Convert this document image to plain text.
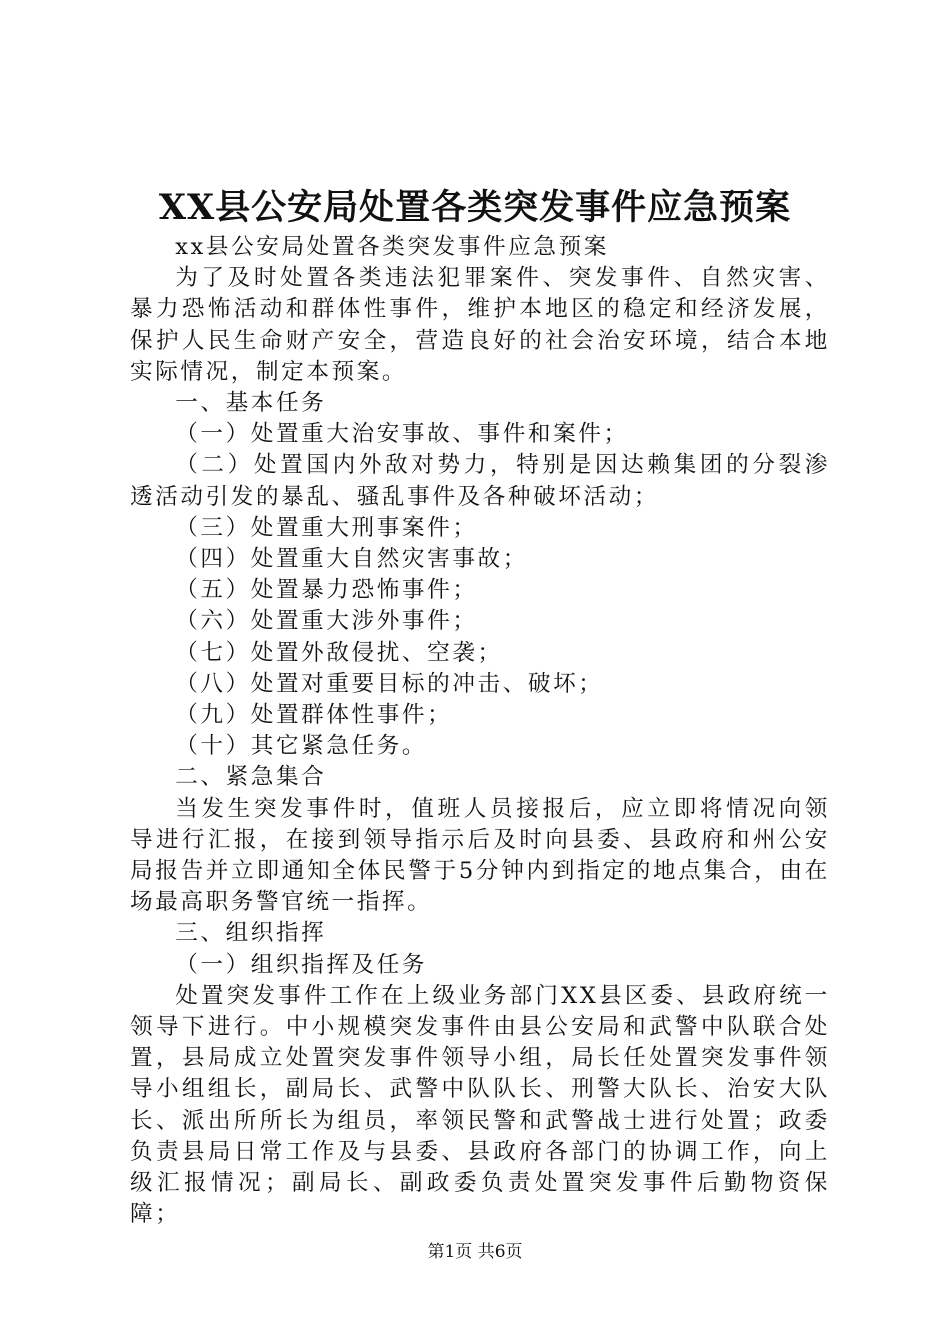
XX县公安局处置各类突发事件应急预案

xx县公安局处置各类突发事件应急预案

为了及时处置各类违法犯罪案件、突发事件、自然灾害、暴力恐怖活动和群体性事件，维护本地区的稳定和经济发展，保护人民生命财产安全，营造良好的社会治安环境，结合本地实际情况，制定本预案。

一、基本任务

（一）处置重大治安事故、事件和案件；

（二）处置国内外敌对势力，特别是因达赖集团的分裂渗透活动引发的暴乱、骚乱事件及各种破坏活动；

（三）处置重大刑事案件；

（四）处置重大自然灾害事故；

（五）处置暴力恐怖事件；

（六）处置重大涉外事件；

（七）处置外敌侵扰、空袭；

（八）处置对重要目标的冲击、破坏；

（九）处置群体性事件；

（十）其它紧急任务。

二、紧急集合

当发生突发事件时，值班人员接报后，应立即将情况向领导进行汇报，在接到领导指示后及时向县委、县政府和州公安局报告并立即通知全体民警于5分钟内到指定的地点集合，由在场最高职务警官统一指挥。

三、组织指挥

（一）组织指挥及任务

处置突发事件工作在上级业务部门XX县区委、县政府统一领导下进行。中小规模突发事件由县公安局和武警中队联合处置，县局成立处置突发事件领导小组，局长任处置突发事件领导小组组长，副局长、武警中队队长、刑警大队长、治安大队长、派出所所长为组员，率领民警和武警战士进行处置；政委负责县局日常工作及与县委、县政府各部门的协调工作，向上级汇报情况；副局长、副政委负责处置突发事件后勤物资保障；

第1页 共6页
